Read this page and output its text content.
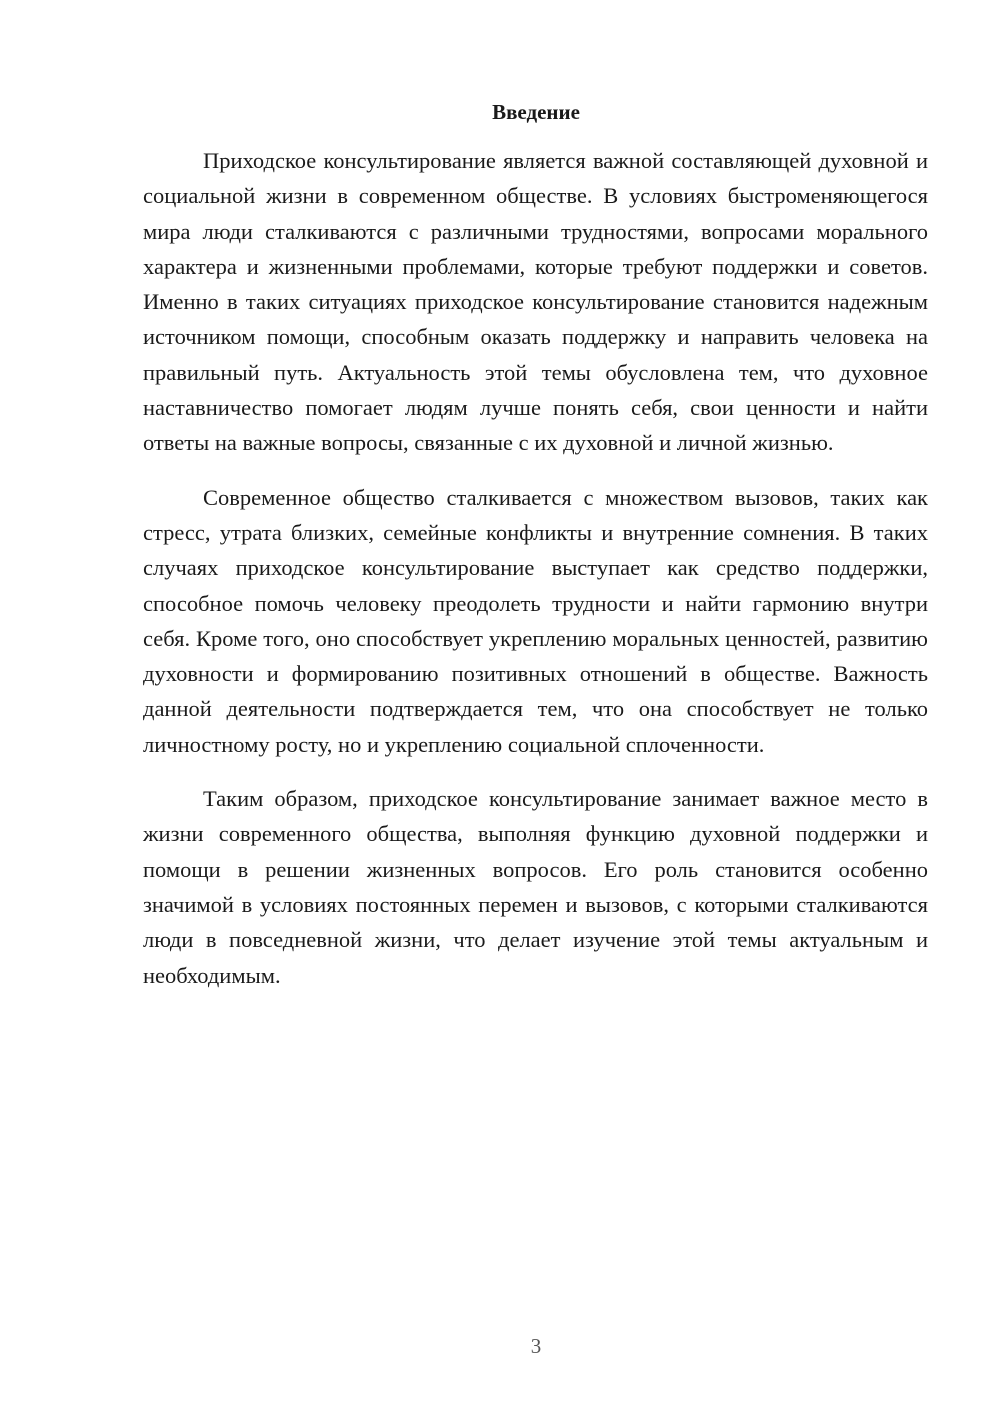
Введение

Приходское консультирование является важной составляющей духовной и социальной жизни в современном обществе. В условиях быстроменяющегося мира люди сталкиваются с различными трудностями, вопросами морального характера и жизненными проблемами, которые требуют поддержки и советов. Именно в таких ситуациях приходское консультирование становится надежным источником помощи, способным оказать поддержку и направить человека на правильный путь. Актуальность этой темы обусловлена тем, что духовное наставничество помогает людям лучше понять себя, свои ценности и найти ответы на важные вопросы, связанные с их духовной и личной жизнью.

Современное общество сталкивается с множеством вызовов, таких как стресс, утрата близких, семейные конфликты и внутренние сомнения. В таких случаях приходское консультирование выступает как средство поддержки, способное помочь человеку преодолеть трудности и найти гармонию внутри себя. Кроме того, оно способствует укреплению моральных ценностей, развитию духовности и формированию позитивных отношений в обществе. Важность данной деятельности подтверждается тем, что она способствует не только личностному росту, но и укреплению социальной сплоченности.

Таким образом, приходское консультирование занимает важное место в жизни современного общества, выполняя функцию духовной поддержки и помощи в решении жизненных вопросов. Его роль становится особенно значимой в условиях постоянных перемен и вызовов, с которыми сталкиваются люди в повседневной жизни, что делает изучение этой темы актуальным и необходимым.

3
